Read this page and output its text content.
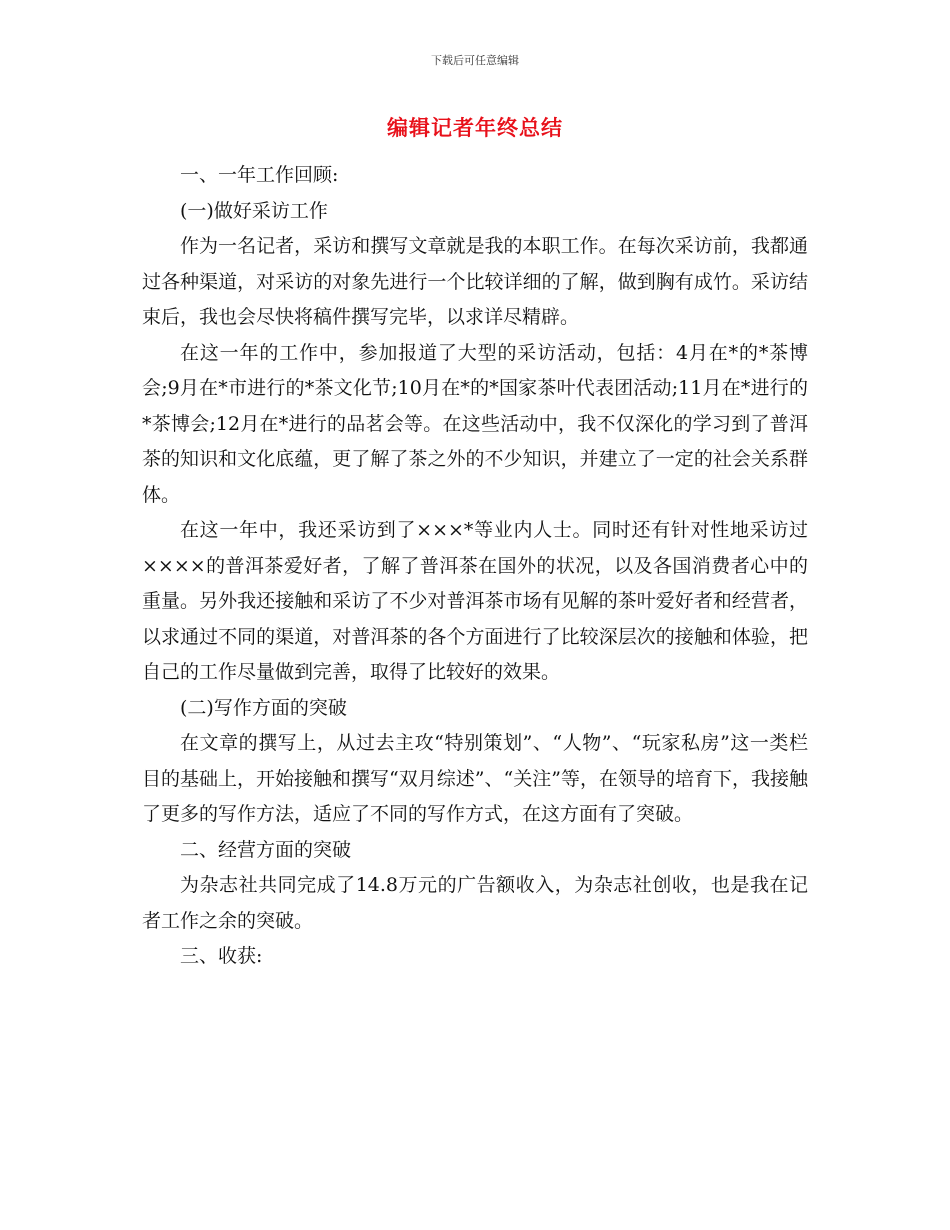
下载后可任意编辑
编辑记者年终总结

一、一年工作回顾:

(一)做好采访工作

作为一名记者，采访和撰写文章就是我的本职工作。在每次采访前，我都通过各种渠道，对采访的对象先进行一个比较详细的了解，做到胸有成竹。采访结束后，我也会尽快将稿件撰写完毕，以求详尽精辟。

在这一年的工作中，参加报道了大型的采访活动，包括：4月在*的*茶博会;9月在*市进行的*茶文化节;10月在*的*国家茶叶代表团活动;11月在*进行的*茶博会;12月在*进行的品茗会等。在这些活动中，我不仅深化的学习到了普洱茶的知识和文化底蕴，更了解了茶之外的不少知识，并建立了一定的社会关系群体。

在这一年中，我还采访到了×××*等业内人士。同时还有针对性地采访过××××的普洱茶爱好者，了解了普洱茶在国外的状况，以及各国消费者心中的重量。另外我还接触和采访了不少对普洱茶市场有见解的茶叶爱好者和经营者，以求通过不同的渠道，对普洱茶的各个方面进行了比较深层次的接触和体验，把自己的工作尽量做到完善，取得了比较好的效果。

(二)写作方面的突破

在文章的撰写上，从过去主攻“特别策划”、“人物”、“玩家私房”这一类栏目的基础上，开始接触和撰写“双月综述”、“关注”等，在领导的培育下，我接触了更多的写作方法，适应了不同的写作方式，在这方面有了突破。

二、经营方面的突破

为杂志社共同完成了14.8万元的广告额收入，为杂志社创收，也是我在记者工作之余的突破。

三、收获:
